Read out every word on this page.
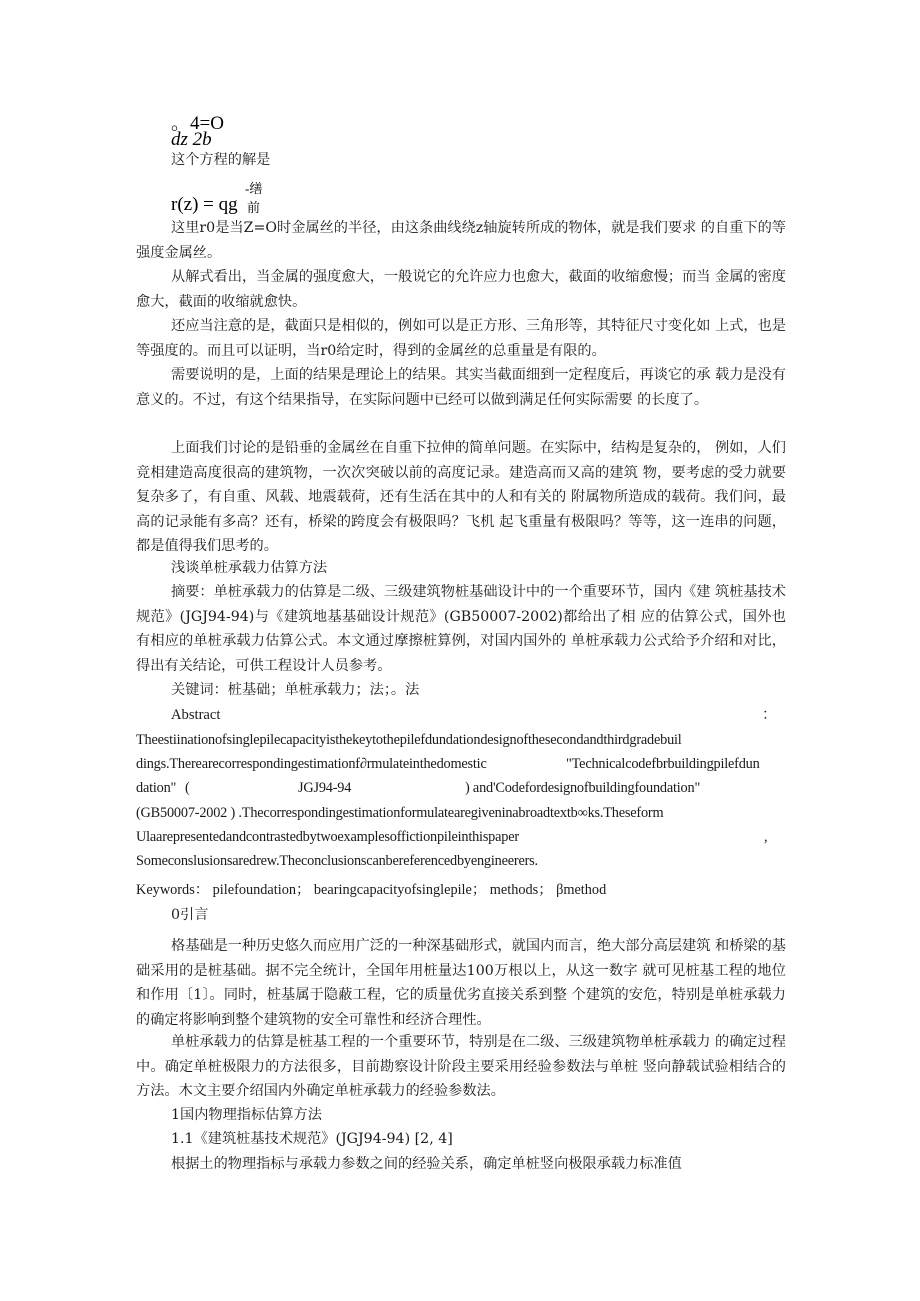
。4=O
dz 2b
这个方程的解是
-缮
r(z) = qg 前
这里r0是当Z=O时金属丝的半径，由这条曲线绕z轴旋转所成的物体，就是我们要求 的自重下的等强度金属丝。
从解式看出，当金属的强度愈大，一般说它的允许应力也愈大，截面的收缩愈慢；而当 金属的密度愈大，截面的收缩就愈快。
还应当注意的是，截面只是相似的，例如可以是正方形、三角形等，其特征尺寸变化如 上式，也是等强度的。而且可以证明，当r0给定时，得到的金属丝的总重量是有限的。
需要说明的是，上面的结果是理论上的结果。其实当截面细到一定程度后，再谈它的承 载力是没有意义的。不过，有这个结果指导，在实际问题中已经可以做到满足任何实际需要 的长度了。
上面我们讨论的是铅垂的金属丝在自重下拉伸的简单问题。在实际中，结构是复杂的， 例如，人们竞相建造高度很高的建筑物，一次次突破以前的高度记录。建造高而又高的建筑 物，要考虑的受力就要复杂多了，有自重、风载、地震载荷，还有生活在其中的人和有关的 附属物所造成的载荷。我们问，最高的记录能有多高？还有，桥梁的跨度会有极限吗？飞机 起飞重量有极限吗？等等，这一连串的问题，都是值得我们思考的。
浅谈单桩承载力估算方法
摘要：单桩承载力的估算是二级、三级建筑物桩基础设计中的一个重要环节，国内《建 筑桩基技术规范》(JGJ94-94)与《建筑地基基础设计规范》(GB50007-2002)都给出了相 应的估算公式，国外也有相应的单桩承载力估算公式。本文通过摩擦桩算例，对国内国外的 单桩承载力公式给予介绍和对比，得出有关结论，可供工程设计人员参考。
关键词：桩基础；单桩承载力；法；。法
Abstract	：
Theestiinationofsinglepilecapacityisthekeytothepilefdundationdesignofthesecondandthirdgradebuil
dings.Therearecorrespondingestimationf∂rmulateinthedomestic	"Technicalcodefbrbuildingpilefdun
dation" (	JGJ94-94	) and'Codefordesignofbuildingfoundation"
(GB50007-2002 ) .Thecorrespondingestimationformulatearegiveninabroadtextb∞ks.Theseform
Ulaarepresentedandcontrastedbytwoexamplesoffictionpileinthispaper	,
Someconslusionsaredrew.Theconclusionscanbereferencedbyengineerers.
Keywords： pilefoundation； bearingcapacityofsinglepile； methods； βmethod
0引言
格基础是一种历史悠久而应用广泛的一种深基础形式，就国内而言，绝大部分高层建筑 和桥梁的基础采用的是桩基础。据不完全统计，全国年用桩量达100万根以上，从这一数字 就可见桩基工程的地位和作用〔1〕。同时，桩基属于隐蔽工程，它的质量优劣直接关系到整 个建筑的安危，特别是单桩承载力的确定将影响到整个建筑物的安全可靠性和经济合理性。
单桩承载力的估算是桩基工程的一个重要环节，特别是在二级、三级建筑物单桩承载力 的确定过程中。确定单桩极限力的方法很多，目前勘察设计阶段主要采用经验参数法与单桩 竖向静载试验相结合的方法。木文主要介绍国内外确定单桩承载力的经验参数法。
1国内物理指标估算方法
1.1《建筑桩基技术规范》(JGJ94-94) [2, 4]
根据土的物理指标与承载力参数之间的经验关系，确定单桩竖向极限承载力标准值
